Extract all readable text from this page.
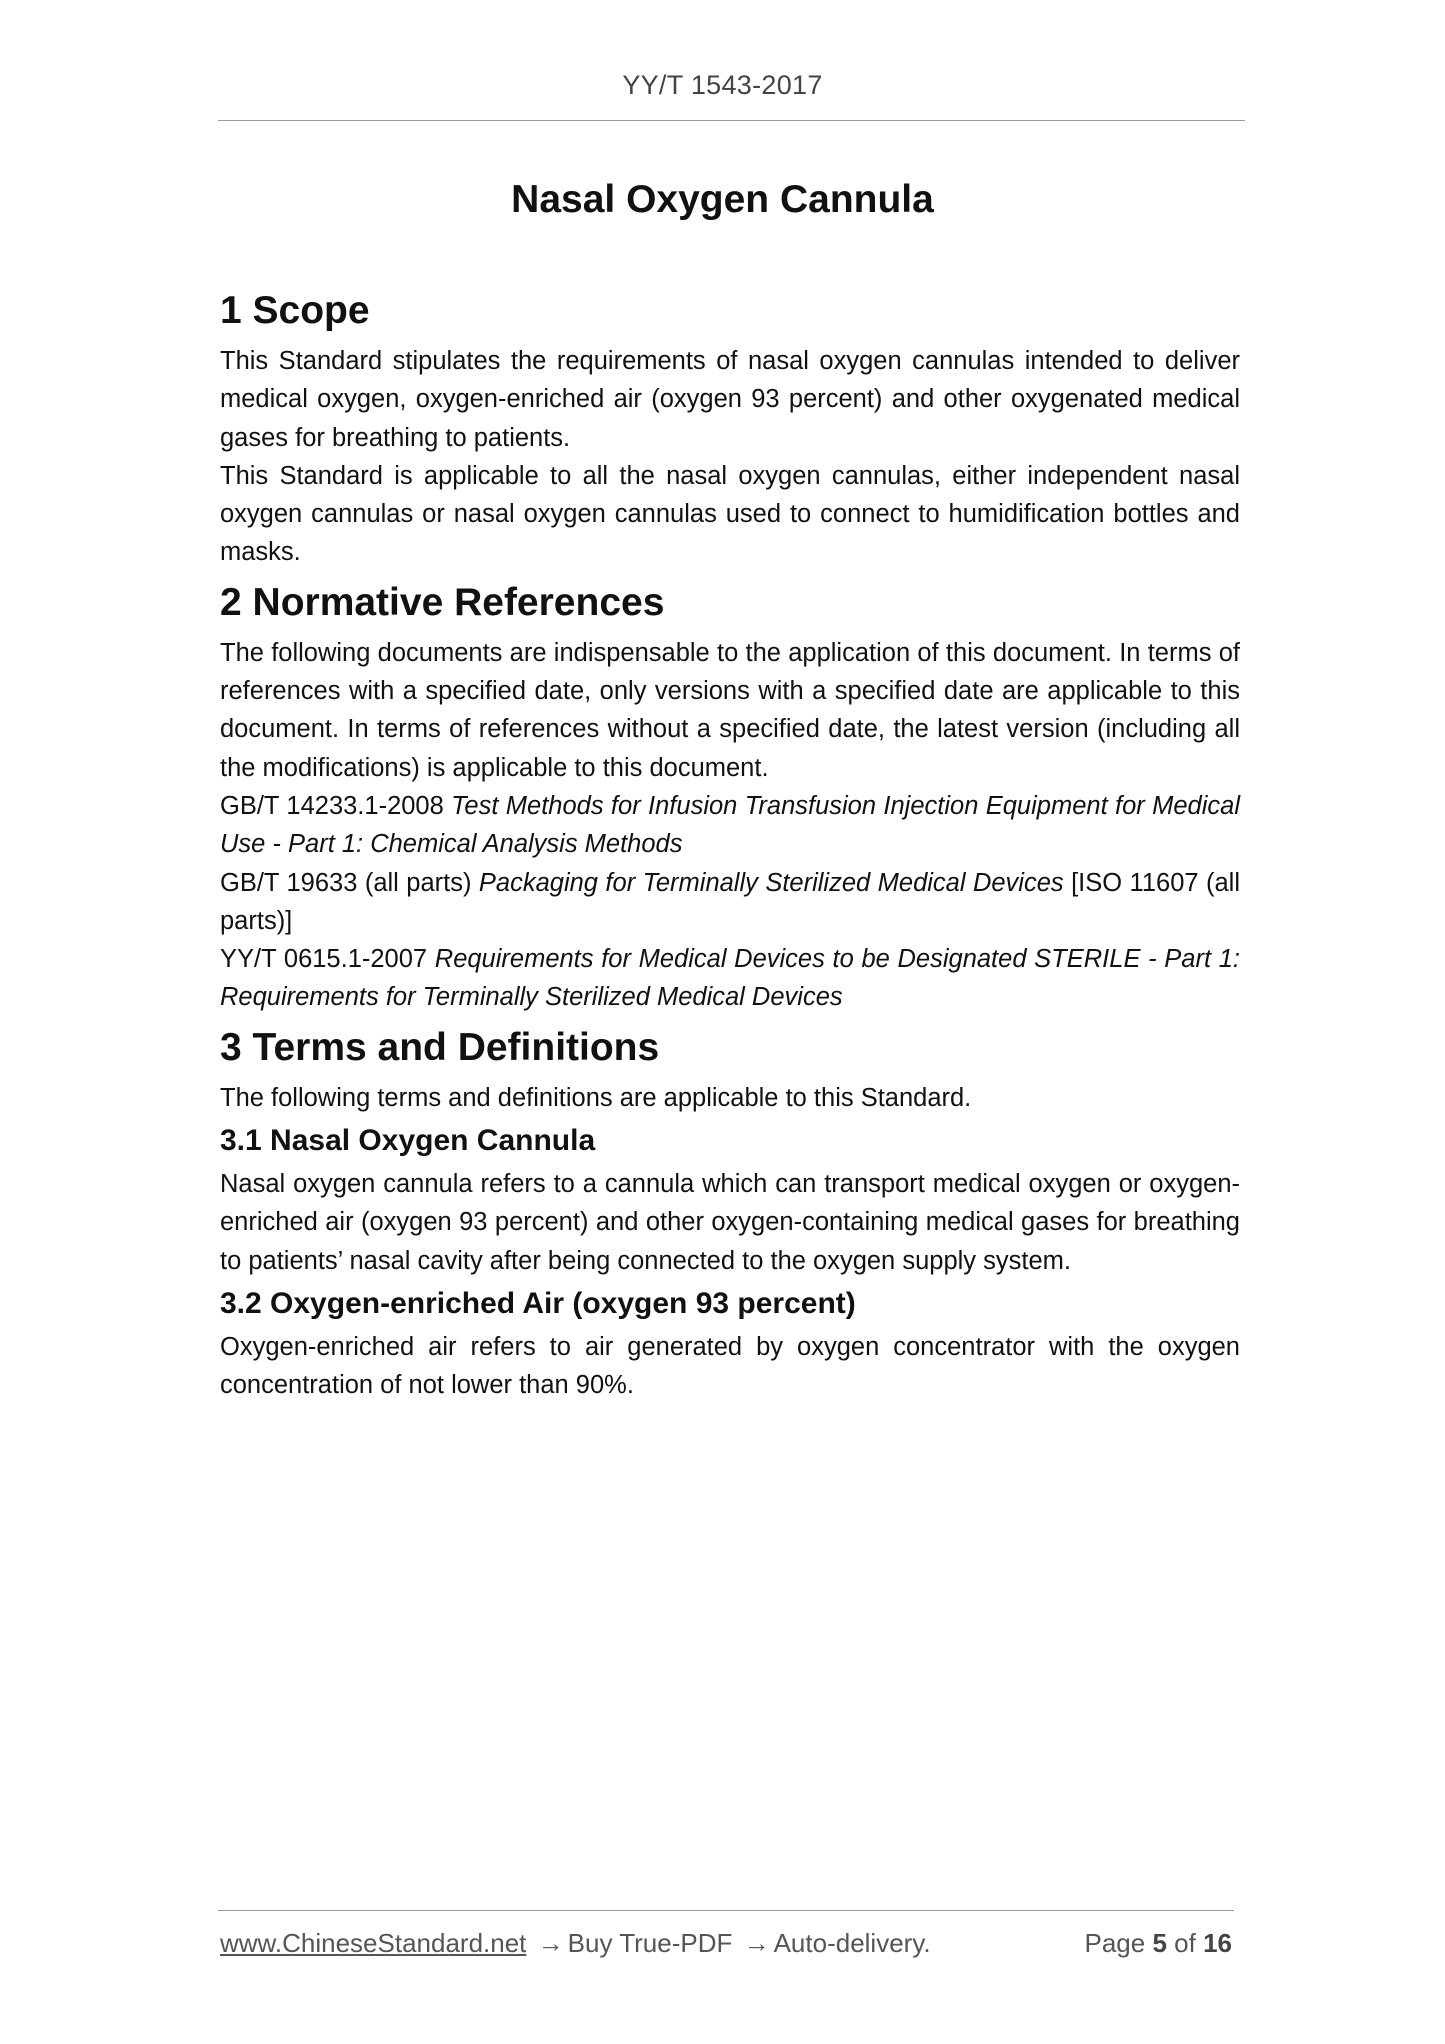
YY/T 1543-2017
Nasal Oxygen Cannula
1 Scope

This Standard stipulates the requirements of nasal oxygen cannulas intended to deliver medical oxygen, oxygen-enriched air (oxygen 93 percent) and other oxygenated medical gases for breathing to patients.

This Standard is applicable to all the nasal oxygen cannulas, either independent nasal oxygen cannulas or nasal oxygen cannulas used to connect to humidification bottles and masks.

2 Normative References

The following documents are indispensable to the application of this document. In terms of references with a specified date, only versions with a specified date are applicable to this document. In terms of references without a specified date, the latest version (including all the modifications) is applicable to this document.

GB/T 14233.1-2008 Test Methods for Infusion Transfusion Injection Equipment for Medical Use - Part 1: Chemical Analysis Methods

GB/T 19633 (all parts) Packaging for Terminally Sterilized Medical Devices [ISO 11607 (all parts)]

YY/T 0615.1-2007 Requirements for Medical Devices to be Designated STERILE - Part 1: Requirements for Terminally Sterilized Medical Devices

3 Terms and Definitions

The following terms and definitions are applicable to this Standard.

3.1 Nasal Oxygen Cannula

Nasal oxygen cannula refers to a cannula which can transport medical oxygen or oxygen-enriched air (oxygen 93 percent) and other oxygen-containing medical gases for breathing to patients’ nasal cavity after being connected to the oxygen supply system.

3.2 Oxygen-enriched Air (oxygen 93 percent)

Oxygen-enriched air refers to air generated by oxygen concentrator with the oxygen concentration of not lower than 90%.

www.ChineseStandard.net → Buy True-PDF → Auto-delivery.	Page 5 of 16
